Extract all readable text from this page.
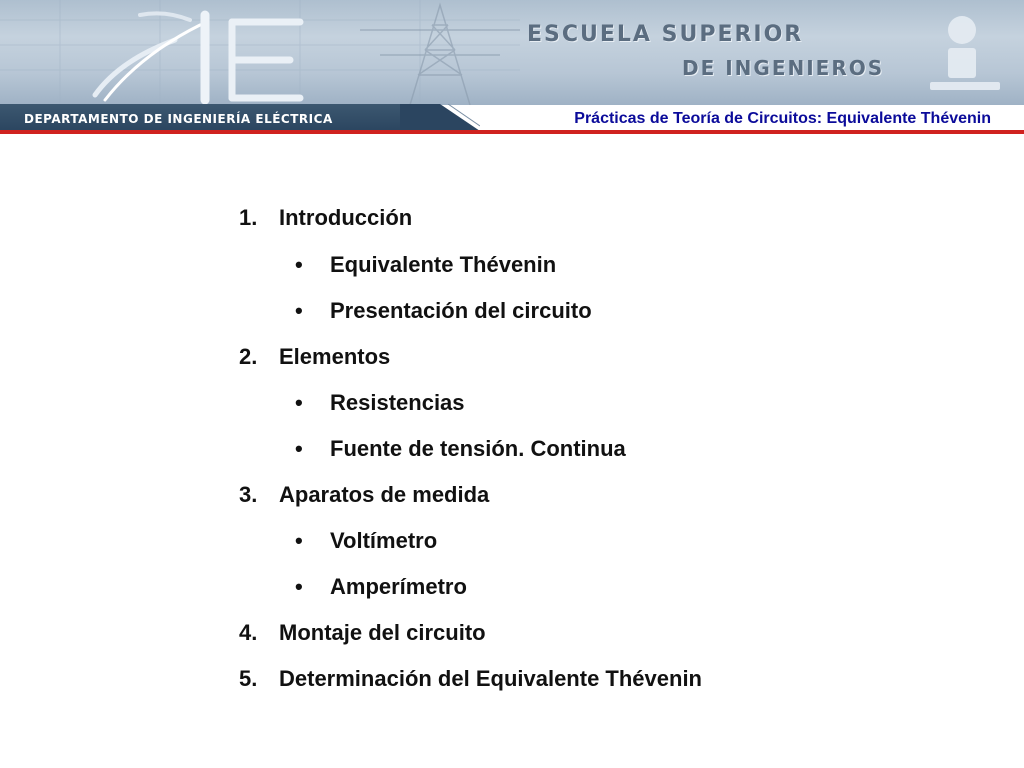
ESCUELA SUPERIOR
DE INGENIEROS
DEPARTAMENTO DE INGENIERÍA ELÉCTRICA	Prácticas de Teoría de Circuitos: Equivalente Thévenin
1. Introducción
• Equivalente Thévenin
• Presentación del circuito
2. Elementos
• Resistencias
• Fuente de tensión. Continua
3. Aparatos de medida
• Voltímetro
• Amperímetro
4. Montaje del circuito
5. Determinación del Equivalente Thévenin
